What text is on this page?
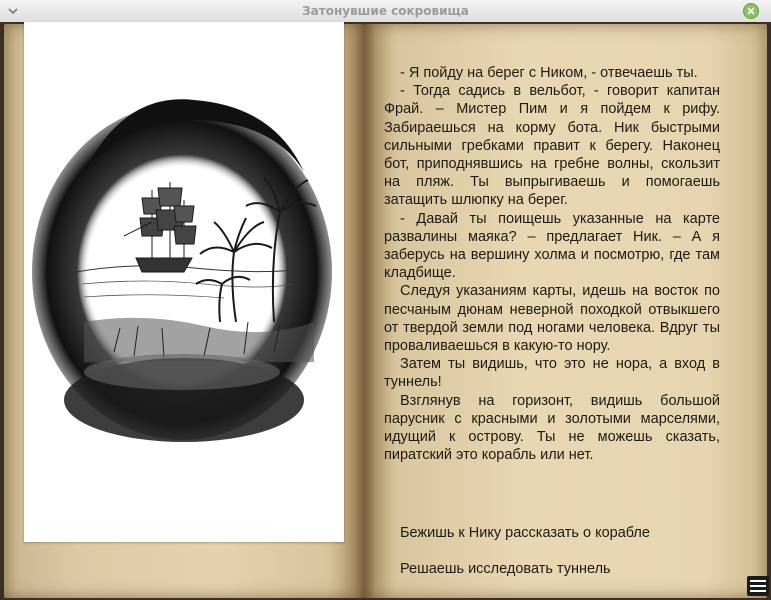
Затонувшие сокровища

- Я пойду на берег с Ником, - отвечаешь ты.

- Тогда садись в вельбот, - говорит капитан Фрай. – Мистер Пим и я пойдем к рифу. Забираешься на корму бота. Ник быстрыми сильными гребками правит к берегу. Наконец бот, приподнявшись на гребне волны, скользит на пляж. Ты выпрыгиваешь и помогаешь затащить шлюпку на берег.

- Давай ты поищешь указанные на карте развалины маяка? – предлагает Ник. – А я заберусь на вершину холма и посмотрю, где там кладбище.

Следуя указаниям карты, идешь на восток по песчаным дюнам неверной походкой отвыкшего от твердой земли под ногами человека. Вдруг ты проваливаешься в какую-то нору.

Затем ты видишь, что это не нора, а вход в туннель!

Взглянув на горизонт, видишь большой парусник с красными и золотыми марселями, идущий к острову. Ты не можешь сказать, пиратский это корабль или нет.

Бежишь к Нику рассказать о корабле
Решаешь исследовать туннель
